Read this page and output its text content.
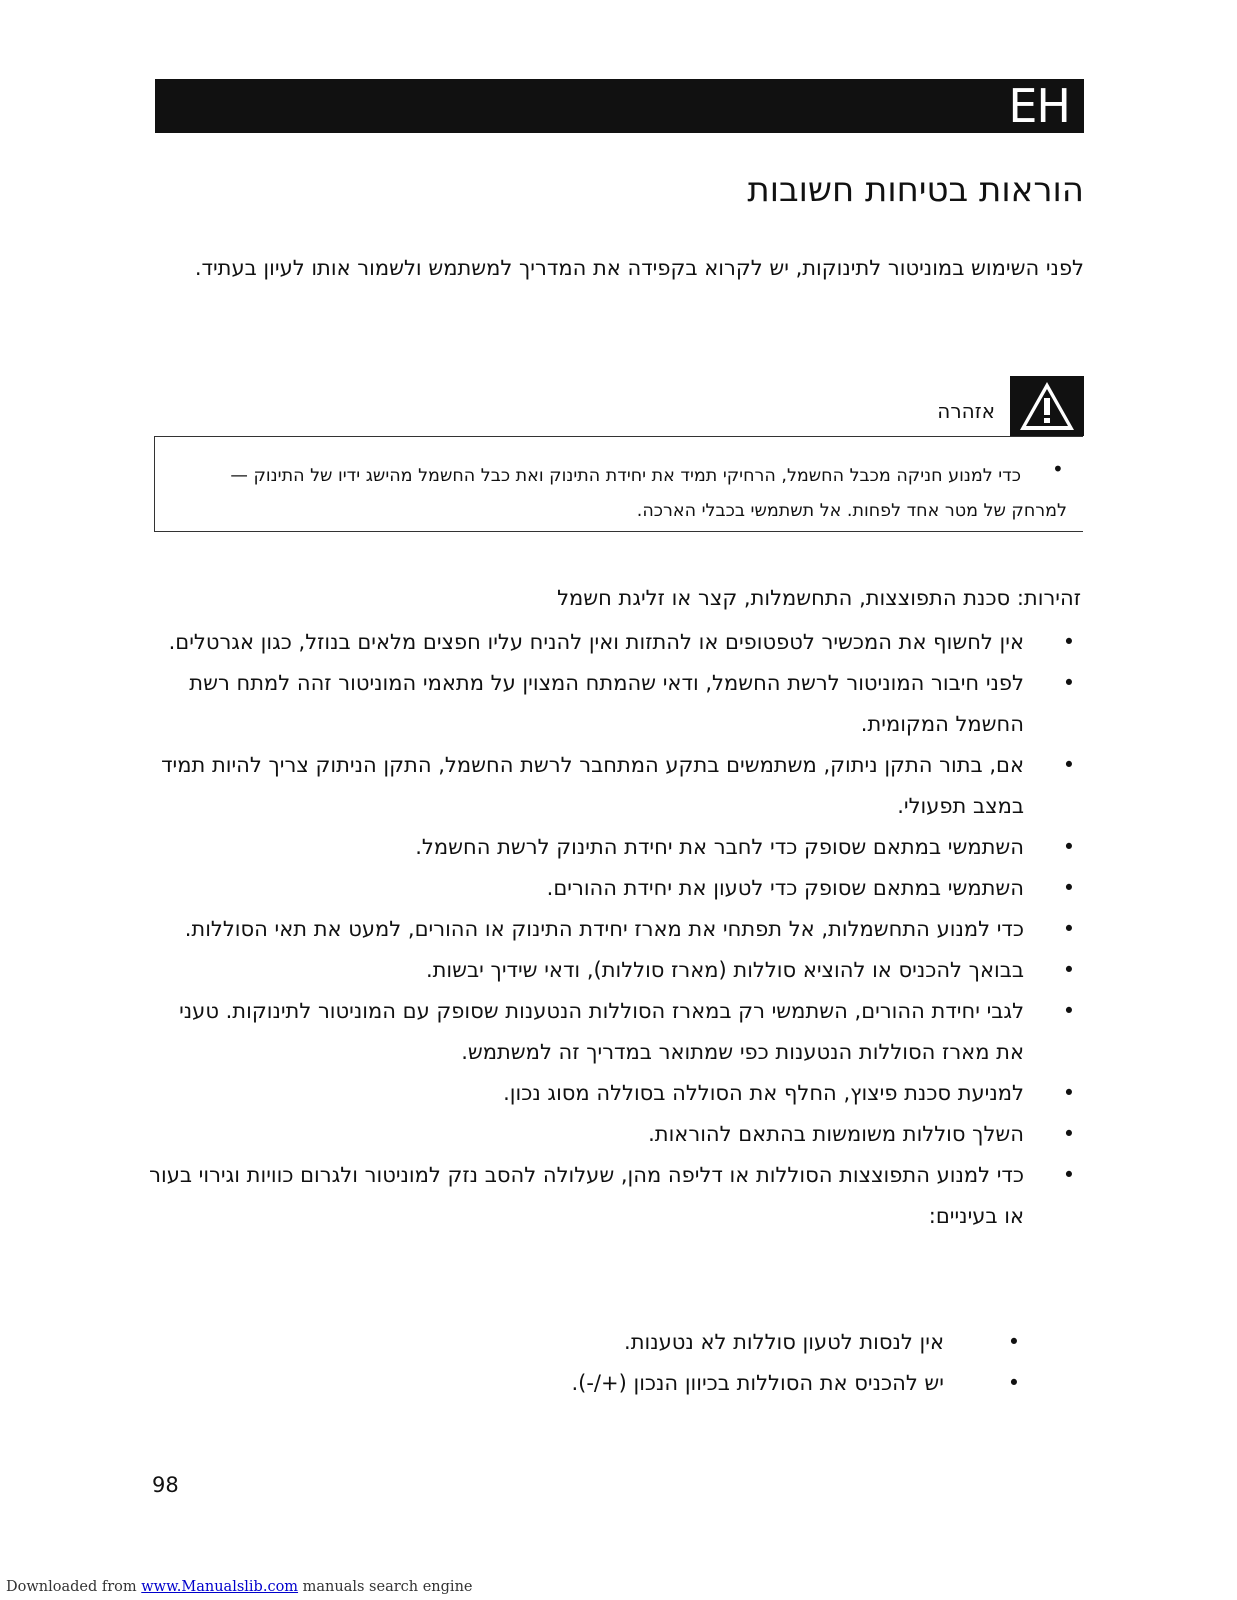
EH
הוראות בטיחות חשובות

לפני השימוש במוניטור לתינוקות, יש לקרוא בקפידה את המדריך למשתמש ולשמור אותו לעיון בעתיד.

אזהרה
•

כדי למנוע חניקה מכבל החשמל, הרחיקי תמיד את יחידת התינוק ואת כבל החשמל מהישג ידיו של התינוק — למרחק של מטר אחד לפחות. אל תשתמשי בכבלי הארכה.

זהירות: סכנת התפוצצות, התחשמלות, קצר או זליגת חשמל
•
אין לחשוף את המכשיר לטפטופים או להתזות ואין להניח עליו חפצים מלאים בנוזל, כגון אגרטלים.
•
לפני חיבור המוניטור לרשת החשמל, ודאי שהמתח המצוין על מתאמי המוניטור זהה למתח רשת החשמל המקומית.
•
אם, בתור התקן ניתוק, משתמשים בתקע המתחבר לרשת החשמל, התקן הניתוק צריך להיות תמיד במצב תפעולי.
•
השתמשי במתאם שסופק כדי לחבר את יחידת התינוק לרשת החשמל.
•
השתמשי במתאם שסופק כדי לטעון את יחידת ההורים.
•
כדי למנוע התחשמלות, אל תפתחי את מארז יחידת התינוק או ההורים, למעט את תאי הסוללות.
•
בבואך להכניס או להוציא סוללות (מארז סוללות), ודאי שידיך יבשות.
•
לגבי יחידת ההורים, השתמשי רק במארז הסוללות הנטענות שסופק עם המוניטור לתינוקות. טעני את מארז הסוללות הנטענות כפי שמתואר במדריך זה למשתמש.
•
למניעת סכנת פיצוץ, החלף את הסוללה בסוללה מסוג נכון.
•
השלך סוללות משומשות בהתאם להוראות.
•
כדי למנוע התפוצצות הסוללות או דליפה מהן, שעלולה להסב נזק למוניטור ולגרום כוויות וגירוי בעור או בעיניים:
•
אין לנסות לטעון סוללות לא נטענות.
•
יש להכניס את הסוללות בכיוון הנכון (+/-).
98
Downloaded from www.Manualslib.com manuals search engine
